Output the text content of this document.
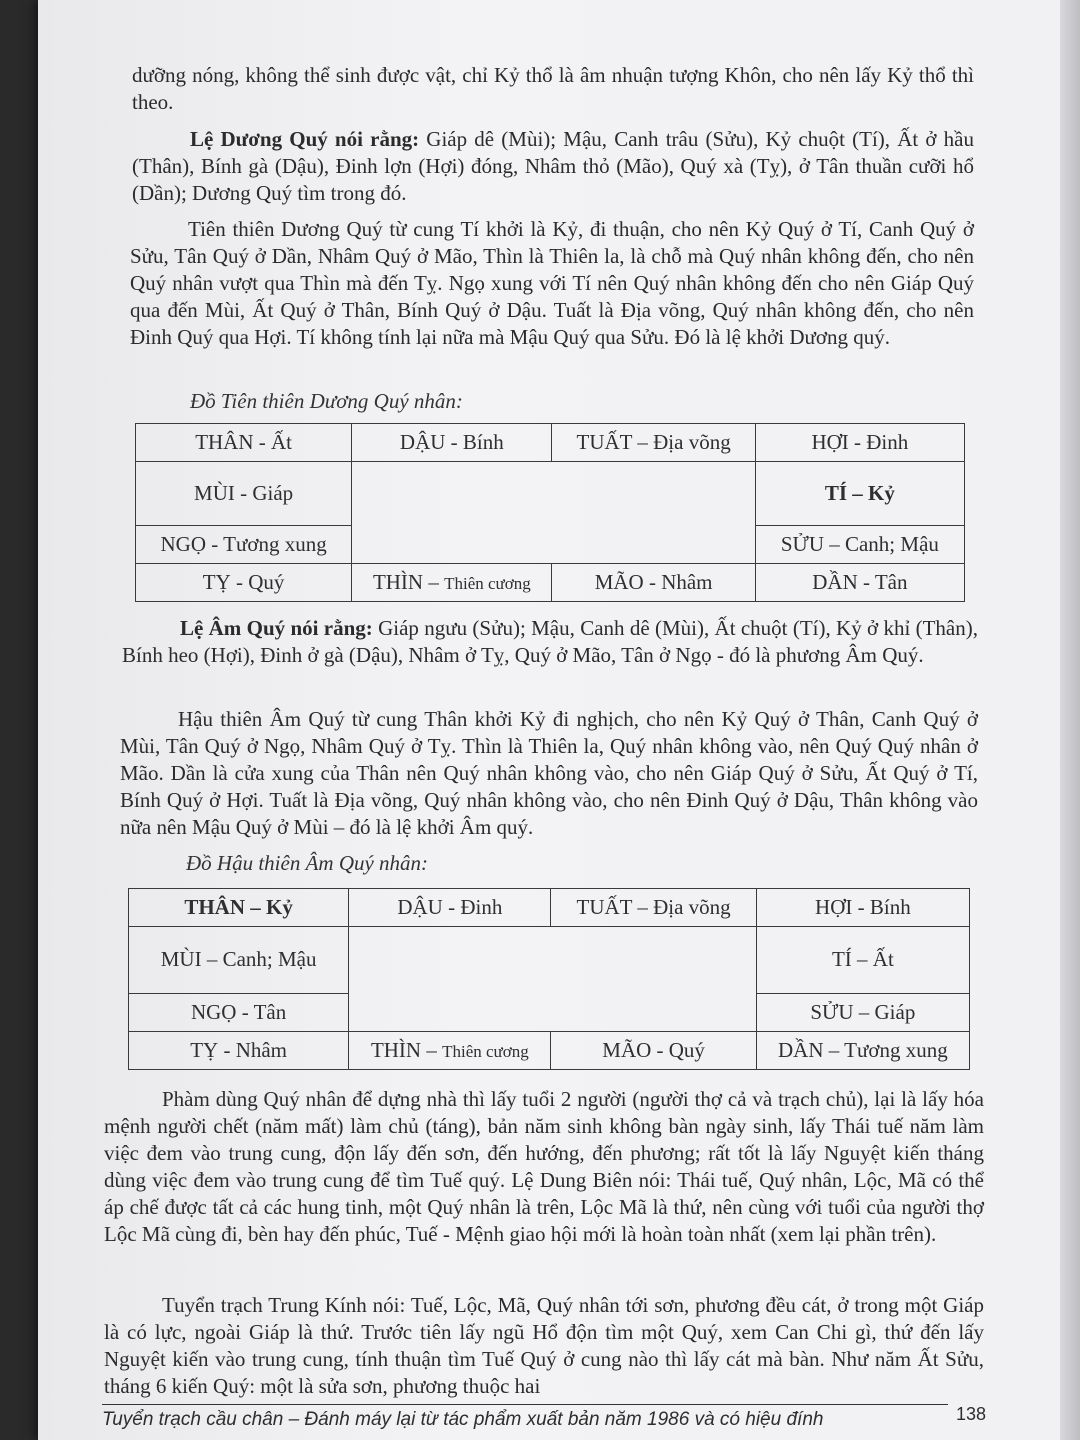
dưỡng nóng, không thể sinh được vật, chỉ Kỷ thổ là âm nhuận tượng Khôn, cho nên lấy Kỷ thổ thì theo.

Lệ Dương Quý nói rằng: Giáp dê (Mùi); Mậu, Canh trâu (Sửu), Kỷ chuột (Tí), Ất ở hầu (Thân), Bính gà (Dậu), Đinh lợn (Hợi) đóng, Nhâm thỏ (Mão), Quý xà (Tỵ), ở Tân thuần cưỡi hổ (Dần); Dương Quý tìm trong đó.

Tiên thiên Dương Quý từ cung Tí khởi là Kỷ, đi thuận, cho nên Kỷ Quý ở Tí, Canh Quý ở Sửu, Tân Quý ở Dần, Nhâm Quý ở Mão, Thìn là Thiên la, là chỗ mà Quý nhân không đến, cho nên Quý nhân vượt qua Thìn mà đến Tỵ. Ngọ xung với Tí nên Quý nhân không đến cho nên Giáp Quý qua đến Mùi, Ất Quý ở Thân, Bính Quý ở Dậu. Tuất là Địa võng, Quý nhân không đến, cho nên Đinh Quý qua Hợi. Tí không tính lại nữa mà Mậu Quý qua Sửu. Đó là lệ khởi Dương quý.

Đồ Tiên thiên Dương Quý nhân:
THÂN - Ất	DẬU - Bính	TUẤT – Địa võng	HỢI - Đinh
MÙI - Giáp			TÍ – Kỷ
NGỌ - Tương xung			SỬU – Canh; Mậu
TỴ - Quý	THÌN – Thiên cương	MÃO - Nhâm	DẦN - Tân

Lệ Âm Quý nói rằng: Giáp ngưu (Sửu); Mậu, Canh dê (Mùi), Ất chuột (Tí), Kỷ ở khỉ (Thân), Bính heo (Hợi), Đinh ở gà (Dậu), Nhâm ở Tỵ, Quý ở Mão, Tân ở Ngọ - đó là phương Âm Quý.

Hậu thiên Âm Quý từ cung Thân khởi Kỷ đi nghịch, cho nên Kỷ Quý ở Thân, Canh Quý ở Mùi, Tân Quý ở Ngọ, Nhâm Quý ở Tỵ. Thìn là Thiên la, Quý nhân không vào, nên Quý Quý nhân ở Mão. Dần là cửa xung của Thân nên Quý nhân không vào, cho nên Giáp Quý ở Sửu, Ất Quý ở Tí, Bính Quý ở Hợi. Tuất là Địa võng, Quý nhân không vào, cho nên Đinh Quý ở Dậu, Thân không vào nữa nên Mậu Quý ở Mùi – đó là lệ khởi Âm quý.

Đồ Hậu thiên Âm Quý nhân:
THÂN – Kỷ	DẬU - Đinh	TUẤT – Địa võng	HỢI - Bính
MÙI – Canh; Mậu			TÍ – Ất
NGỌ - Tân			SỬU – Giáp
TỴ - Nhâm	THÌN – Thiên cương	MÃO - Quý	DẦN – Tương xung

Phàm dùng Quý nhân để dựng nhà thì lấy tuổi 2 người (người thợ cả và trạch chủ), lại là lấy hóa mệnh người chết (năm mất) làm chủ (táng), bản năm sinh không bàn ngày sinh, lấy Thái tuế năm làm việc đem vào trung cung, độn lấy đến sơn, đến hướng, đến phương; rất tốt là lấy Nguyệt kiến tháng dùng việc đem vào trung cung để tìm Tuế quý. Lệ Dung Biên nói: Thái tuế, Quý nhân, Lộc, Mã có thể áp chế được tất cả các hung tinh, một Quý nhân là trên, Lộc Mã là thứ, nên cùng với tuổi của người thợ Lộc Mã cùng đi, bèn hay đến phúc, Tuế - Mệnh giao hội mới là hoàn toàn nhất (xem lại phần trên).

Tuyển trạch Trung Kính nói: Tuế, Lộc, Mã, Quý nhân tới sơn, phương đều cát, ở trong một Giáp là có lực, ngoài Giáp là thứ. Trước tiên lấy ngũ Hổ độn tìm một Quý, xem Can Chi gì, thứ đến lấy Nguyệt kiến vào trung cung, tính thuận tìm Tuế Quý ở cung nào thì lấy cát mà bàn. Như năm Ất Sửu, tháng 6 kiến Quý: một là sửa sơn, phương thuộc hai

Tuyển trạch cầu chân – Đánh máy lại từ tác phẩm xuất bản năm 1986 và có hiệu đính	138
